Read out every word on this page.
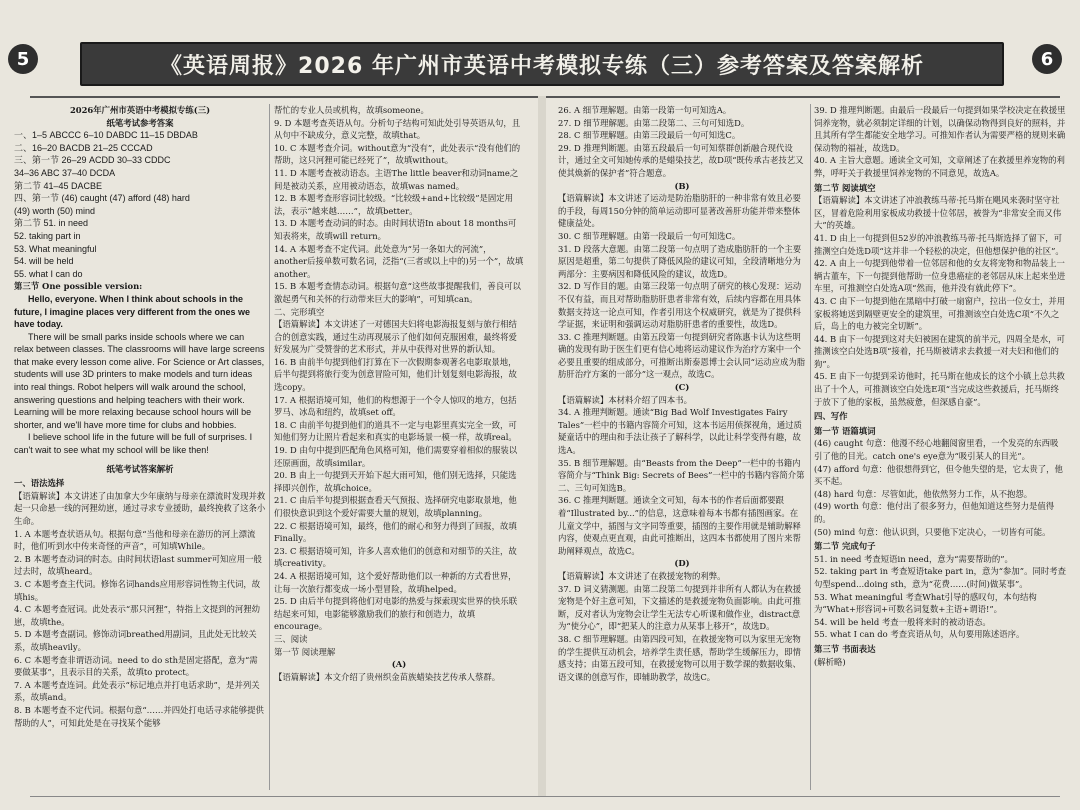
5	《英语周报》2026 年广州市英语中考模拟专练（三）参考答案及答案解析	6
2026年广州市英语中考模拟专练(三)
纸笔考试参考答案
一、1–5 ABCCC 6–10 DABDC 11–15 DBDAB
二、16–20 BACDB 21–25 CCCAD
三、第一节 26–29 ACDD 30–33 CDDC
34–36 ABC 37–40 DCDA
第二节 41–45 DACBE
四、第一节 (46) caught (47) afford (48) hard
(49) worth (50) mind
第二节 51. in need
52. taking part in
53. What meaningful
54. will be held
55. what I can do
第三节 One possible version:
Hello, everyone. When I think about schools in the future, I imagine places very different from the ones we have today.
There will be small parks inside schools where we can relax between classes. The classrooms will have large screens that make every lesson come alive. For Science or Art classes, students will use 3D printers to make models and turn ideas into real things. Robot helpers will walk around the school, answering questions and helping teachers with their work. Learning will be more relaxing because school hours will be shorter, and we'll have more time for clubs and hobbies.
I believe school life in the future will be full of surprises. I can't wait to see what my school will be like then!
纸笔考试答案解析
一、语法选择
【语篇解读】本文讲述了由加拿大少年康纳与母亲在漂流时发现并救起一只命悬一线的河狸幼崽，通过寻求专业援助，最终挽救了这条小生命。
1. A 本题考查状语从句。根据句意“当他和母亲在游历的河上漂流时，他们听到水中传来奇怪的声音”，可知填While。
2. B 本题考查动词的时态。由时间状语last summer可知应用一般过去时，故填heard。
3. C 本题考查主代词。修饰名词hands应用形容词性物主代词，故填his。
4. C 本题考查冠词。此处表示“那只河狸”，特指上文提到的河狸幼崽，故填the。
5. D 本题考查副词。修饰动词breathed用副词，且此处无比较关系，故填heavily。
6. C 本题考查非谓语动词。need to do sth是固定搭配，意为“需要做某事”，且表示目的关系，故填to protect。
7. A 本题考查连词。此处表示“标记地点并打电话求助”，是并列关系，故填and。
8. B 本题考查不定代词。根据句意“……并四处打电话寻求能够提供帮助的人”，可知此处是在寻找某个能够
帮忙的专业人员或机构，故填someone。
9. D 本题考查英语从句。分析句子结构可知此处引导英语从句，且从句中不缺成分，意义完整，故填that。
10. C 本题考查介词。without意为“没有”，此处表示“没有他们的帮助，这只河狸可能已经死了”，故填without。
11. D 本题考查被动语态。主语The little beaver和动词name之间是被动关系，应用被动语态，故填was named。
12. B 本题考查形容词比较级。“比较级+and+比较级”是固定用法，表示“越来越……”，故填better。
13. D 本题考查动词的时态。由时间状语In about 18 months可知表将来，故填will return。
14. A 本题考查不定代词。此处意为“另一条如大的河流”，another后接单数可数名词，泛指“(三者或以上中的)另一个”，故填another。
15. B 本题考查情态动词。根据句意“这些故事提醒我们，善良可以激起勇气和关怀的行动带来巨大的影响”，可知填can。
二、完形填空
【语篇解读】本文讲述了一对德国夫妇将电影海报复刻与旅行相结合的创意实践，通过生动再现展示了他们如何克服困难，最终将爱好发展为广受赞誉的艺术形式，并从中获得对世界的新认知。
16. B 由前半句提到他们打算在下一次假期参观著名电影取景地，后半句提到将旅行变为创意冒险可知，他们计划复刻电影海报，故选copy。
17. A 根据语境可知，他们的构想源于一个令人惊叹的地方，包括罗马、冰岛和纽约，故填set off。
18. C 由前半句提到他们的道具不一定与电影里真实完全一致，可知他们努力让照片看起来和真实的电影场景一模一样，故填real。
19. D 由句中提到匹配角色风格可知，他们需要穿着相似的服装以还原画面，故填similar。
20. B 由上一句提到天开始下起大雨可知，他们别无选择，只能选择即兴创作，故填choice。
21. C 由后半句提到根据查看天气预报、选择研究电影取景地，他们很快意识到这个爱好需要大量的规划，故填planning。
22. C 根据语境可知，最终，他们的耐心和努力得到了回报，故填Finally。
23. C 根据语境可知，许多人喜欢他们的创意和对细节的关注，故填creativity。
24. A 根据语境可知，这个爱好帮助他们以一种新的方式看世界，让每一次旅行都变成一场小型冒险，故填helped。
25. D 由后半句提到将他们对电影的热爱与探索现实世界的快乐联结起来可知，电影能够激励我们的旅行和创造力，故填encourage。
三、阅读
第一节 阅读理解
(A)
【语篇解读】本文介绍了贵州织金苗族蜡染技艺传承人蔡群。
26. A 细节理解题。由第一段第一句可知选A。
27. D 细节理解题。由第二段第二、三句可知选D。
28. C 细节理解题。由第三段最后一句可知选C。
29. D 推理判断题。由第五段最后一句可知蔡群创新融合现代设计，通过全文可知她传承的是蜡染技艺，故D项“既传承古老技艺又使其焕新的保护者”符合题意。
(B)
【语篇解读】本文讲述了运动是防治脂肪肝的一种非常有效且必要的手段，每周150分钟的简单运动即可显著改善肝功能并带来整体健康益处。
30. C 细节理解题。由第一段最后一句可知选C。
31. D 段落大意题。由第二段第一句点明了造成脂肪肝的一个主要原因是超重，第二句提供了降低风险的建议可知，全段清晰地分为两部分：主要病因和降低风险的建议，故选D。
32. D 写作目的题。由第三段第一句点明了研究的核心发现：运动不仅有益，而且对帮助脂肪肝患者非常有效，后续内容都在用具体数据支持这一论点可知，作者引用这个权威研究，就是为了提供科学证据，来证明和强调运动对脂肪肝患者的重要性，故选D。
33. C 推理判断题。由第五段第一句提到研究者陈惠卡认为这些明确的发现有助于医生们更有信心地将运动建议作为治疗方案中一个必要且重要的组成部分，可推断出斯泰恩博士会认同“运动应成为脂肪肝治疗方案的一部分”这一观点，故选C。
(C)
【语篇解读】本材料介绍了四本书。
34. A 推理判断题。通读“Big Bad Wolf Investigates Fairy Tales”一栏中的书籍内容简介可知，这本书运用侦探视角，通过质疑童话中的理由和手法让孩子了解科学，以此让科学变得有趣，故选A。
35. B 细节理解题。由“Beasts from the Deep”一栏中的书籍内容简介与“Think Big: Secrets of Bees”一栏中的书籍内容简介第二、三句可知选B。
36. C 推理判断题。通读全文可知，每本书的作者后面都要跟着“Illustrated by...”的信息，这意味着每本书都有插图画家。在儿童文学中，插图与文字同等重要，插图的主要作用就是辅助解释内容，使观点更直观，由此可推断出，这四本书都使用了图片来帮助阐释观点，故选C。
(D)
【语篇解读】本文讲述了在救援宠物的利弊。
37. D 词义猜测题。由第二段第二句提到并非所有人都认为在救援宠物是个好主意可知，下文描述的是救援宠物负面影响。由此可推断，反对者认为宠物会让学生无法专心听课和做作业，distract意为“使分心”，即“把某人的注意力从某事上移开”，故选D。
38. C 细节理解题。由第四段可知，在救援宠物可以为家里无宠物的学生提供互动机会，培养学生责任感，帮助学生缓解压力，即情感支持；由第五段可知，在救援宠物可以用于数学课的数据收集、语文课的创意写作，即辅助教学，故选C。
39. D 推理判断题。由最后一段最后一句提到如果学校决定在救援里饲养宠物，就必须制定详细的计划，以确保动物得到良好的照料，并且其所有学生都能安全地学习。可推知作者认为需要严格的规则来确保动物的福祉，故选D。
40. A 主旨大意题。通读全文可知，文章阐述了在救援里养宠物的利弊，呼吁关于救援里饲养宠物的不同意见，故选A。
第二节 阅读填空
【语篇解读】本文讲述了冲浪教练马蒂·托马斯在飓风来袭时坚守社区，冒着危险利用家板成功救援十位邻居，被誉为“非常安全而又伟大”的英雄。
41. D 由上一句提到但52岁的冲浪教练马蒂·托马斯选择了留下，可推测空白处选D项“这并非一个轻松的决定，但他想保护他的社区”。
42. A 由上一句提到他带着一位邻居和他的女友将宠物和物品装上一辆古董车，下一句提到他帮助一位身患癌症的老邻居从床上起来坐进车里，可推测空白处选A项“然而，他并没有就此停下”。
43. C 由下一句提到他在黑暗中打破一扇窗户，拉出一位女士，并用家板将她送到隔壁更安全的建筑里，可推测该空白处选C项“不久之后，岛上的电力被完全切断”。
44. B 由下一句提到这对夫妇被困在建筑的前半元，四周全是水，可推测该空白处选B项“接着，托马斯被请求去救援一对夫妇和他们的狗”。
45. E 由下一句提到采访他时，托马斯在他成长的这个小镇上总共救出了十个人，可推测该空白处选E项“当完成这些救援后，托马斯终于放下了他的家板，虽然疲惫，但深感自豪”。
四、写作
第一节 语篇填词
(46) caught 句意：他漫不经心地翻阅窗里看，一个发亮的东西吸引了他的目光。catch one's eye意为“吸引某人的目光”。
(47) afford 句意：他很想得到它，但令他失望的是，它太贵了，他买不起。
(48) hard 句意：尽管如此，他依然努力工作，从不抱怨。
(49) worth 句意：他付出了很多努力，但他知道这些努力是值得的。
(50) mind 句意：他认识到，只要他下定决心，一切皆有可能。
第二节 完成句子
51. in need 考查短语in need，意为“需要帮助的”。
52. taking part in 考查短语take part in，意为“参加”。同时考查句型spend...doing sth，意为“花费……(时间)做某事”。
53. What meaningful 考查What引导的感叹句，本句结构为“What+形容词+可数名词复数+主语+谓语!”。
54. will be held 考查一般将来时的被动语态。
55. what I can do 考查宾语从句，从句要用陈述语序。
第三节 书面表达
(解析略)
